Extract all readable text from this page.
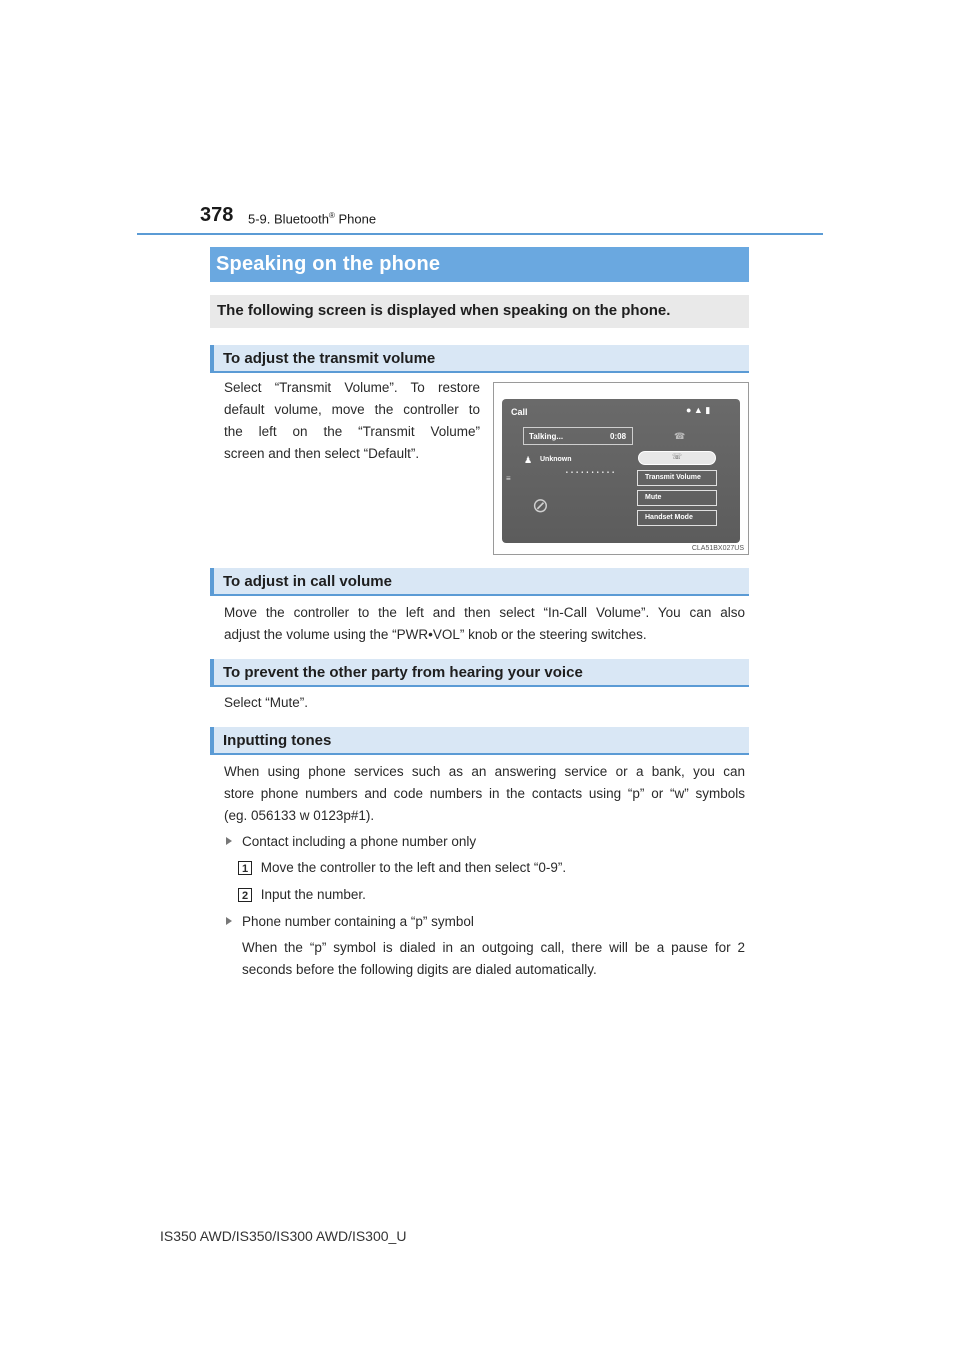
378 5-9. Bluetooth® Phone
Speaking on the phone
The following screen is displayed when speaking on the phone.
To adjust the transmit volume
Select “Transmit Volume”. To restore
default volume, move the controller to
the left on the “Transmit Volume”
screen and then select “Default”.
Call	● ▲ ▮
Talking...	0:08
♟ Unknown
• • • • • • • • • •
⊘
≡
☎
☏
Transmit Volume
Mute
Handset Mode
CLA51BX027US
To adjust in call volume
Move the controller to the left and then select “In-Call Volume”. You can also
adjust the volume using the “PWR•VOL” knob or the steering switches.
To prevent the other party from hearing your voice
Select “Mute”.
Inputting tones
When using phone services such as an answering service or a bank, you can
store phone numbers and code numbers in the contacts using “p” or “w” symbols
(eg. 056133 w 0123p#1).
Contact including a phone number only
1 Move the controller to the left and then select “0-9”.
2 Input the number.
Phone number containing a “p” symbol
When the “p” symbol is dialed in an outgoing call, there will be a pause for 2
seconds before the following digits are dialed automatically.
IS350 AWD/IS350/IS300 AWD/IS300_U
